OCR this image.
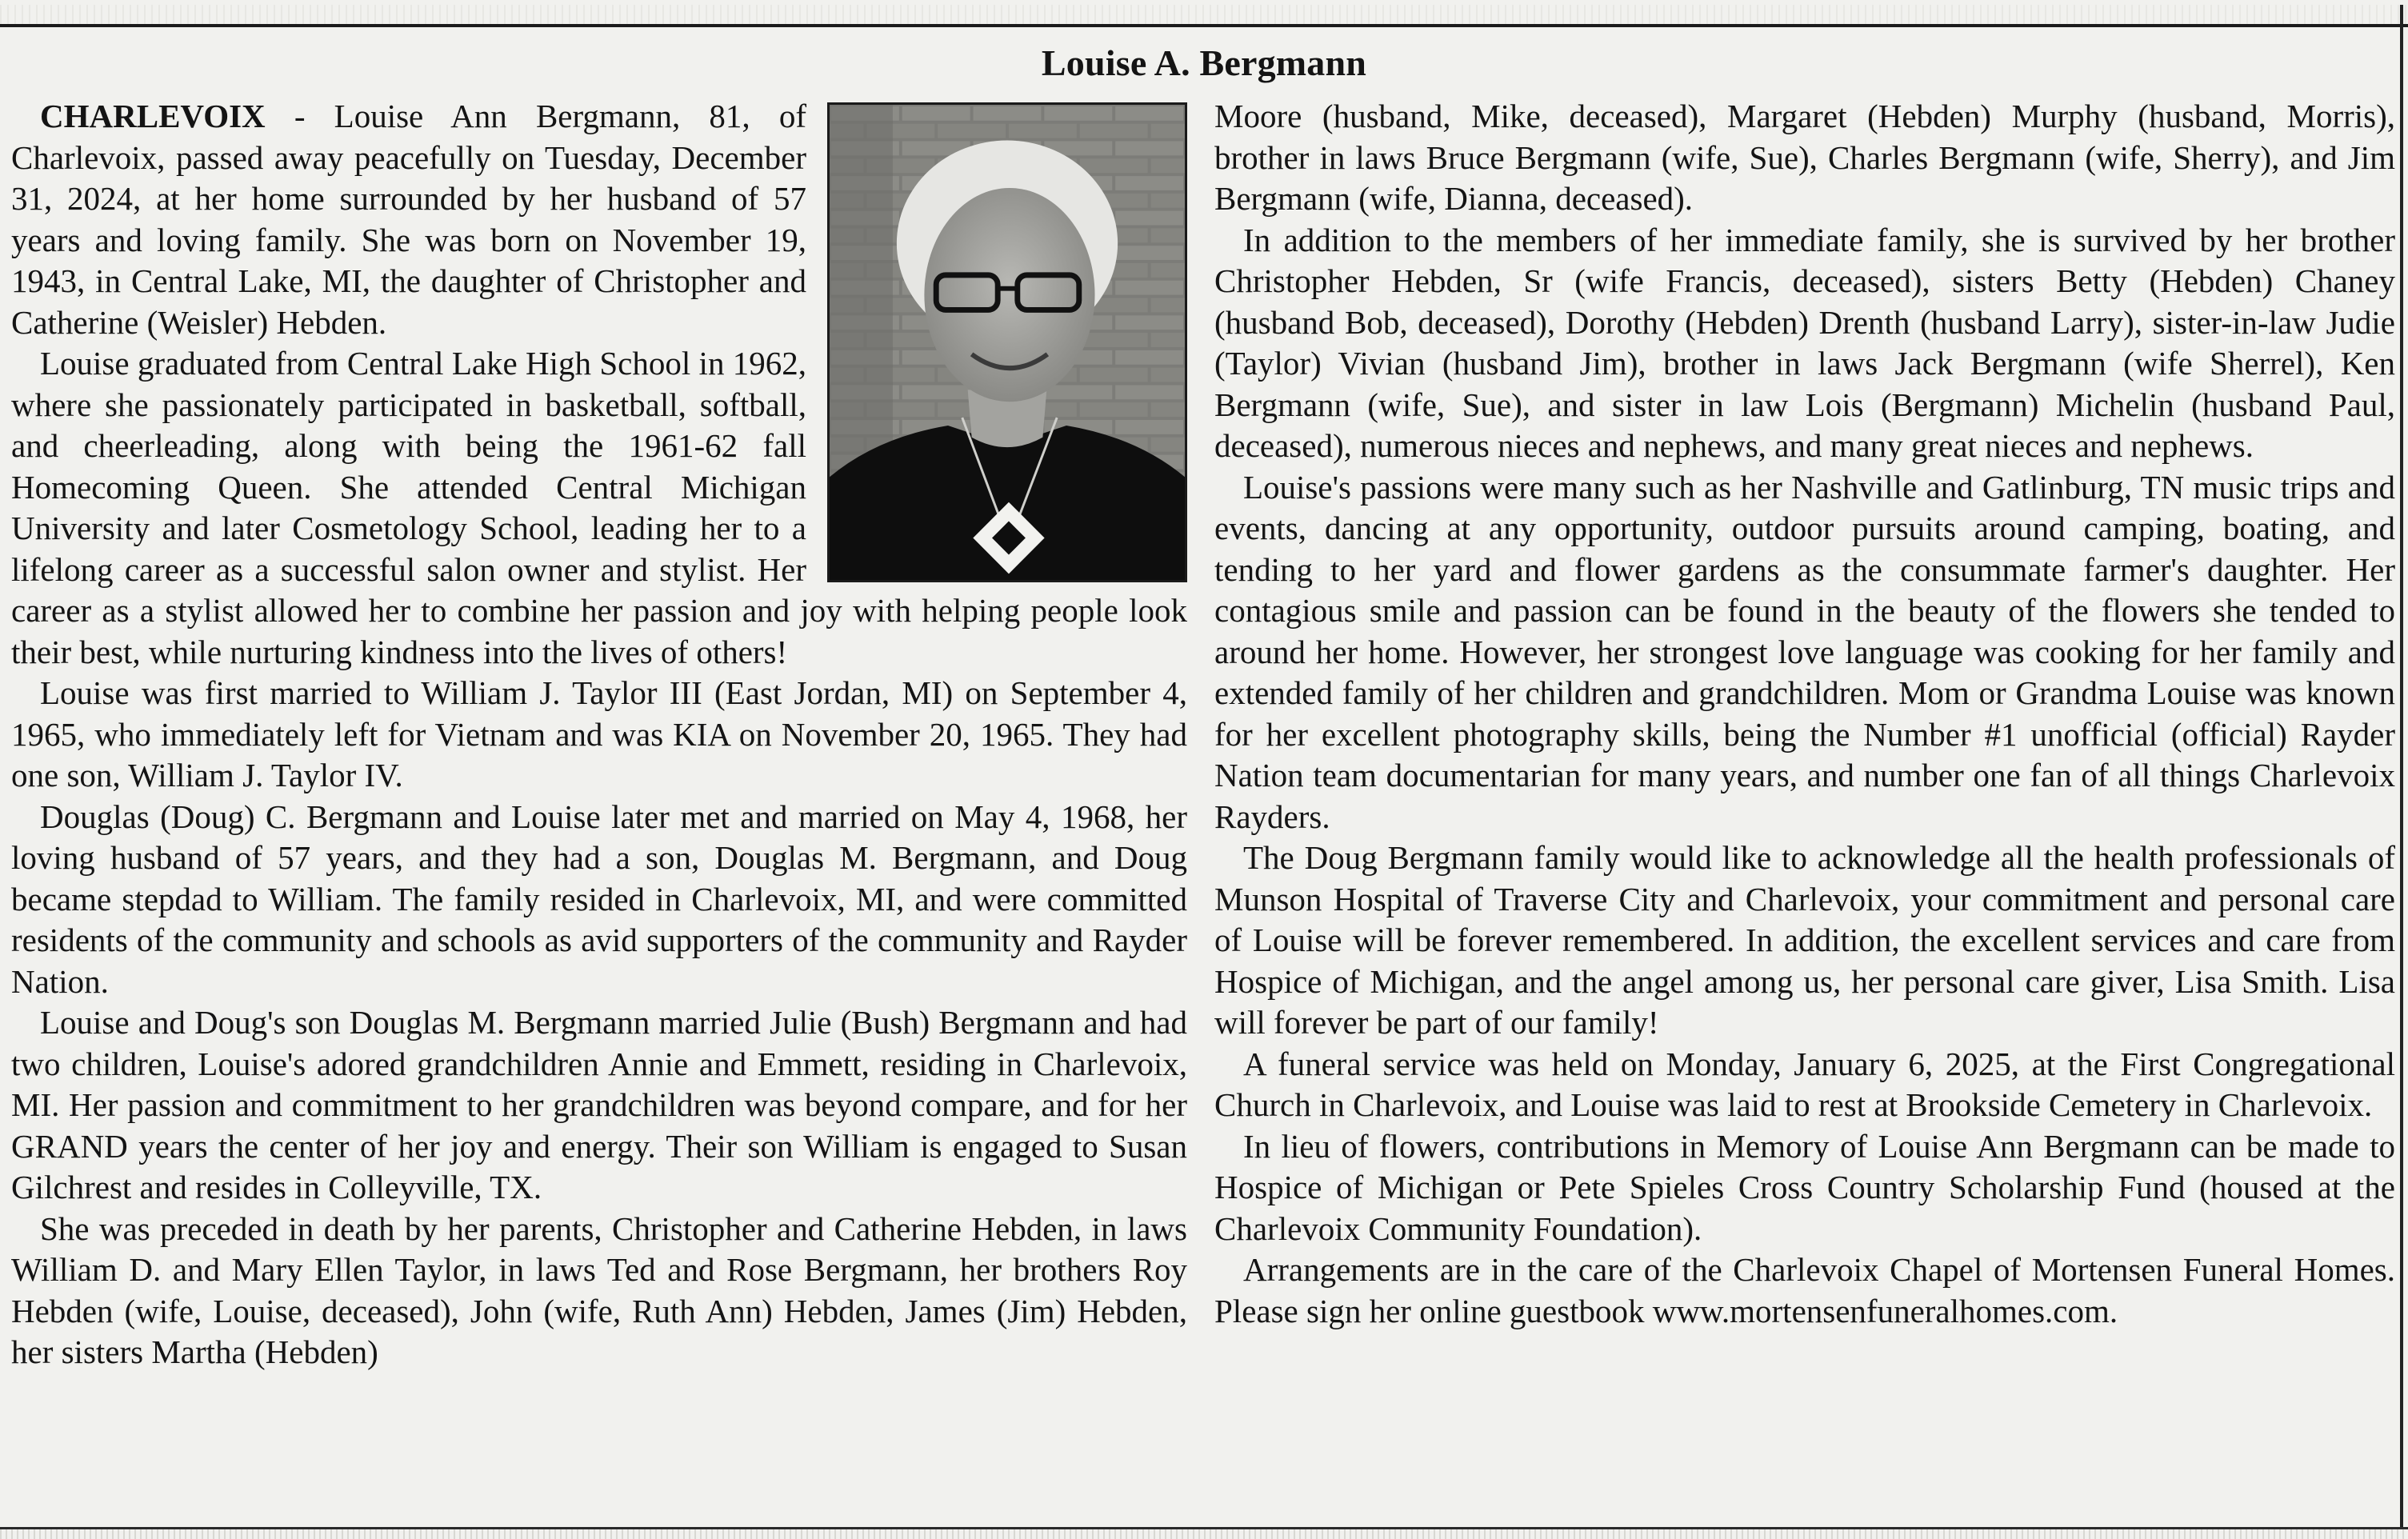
Louise A. Bergmann

CHARLEVOIX - Louise Ann Bergmann, 81, of Charlevoix, passed away peacefully on Tuesday, December 31, 2024, at her home surrounded by her husband of 57 years and loving family. She was born on November 19, 1943, in Central Lake, MI, the daughter of Christopher and Catherine (Weisler) Hebden.

Louise graduated from Central Lake High School in 1962, where she passionately participated in basketball, softball, and cheerleading, along with being the 1961-62 fall Homecoming Queen. She attended Central Michigan University and later Cosmetology School, leading her to a lifelong career as a successful salon owner and stylist. Her career as a stylist allowed her to combine her passion and joy with helping people look their best, while nurturing kindness into the lives of others!

Louise was first married to William J. Taylor III (East Jordan, MI) on September 4, 1965, who immediately left for Vietnam and was KIA on November 20, 1965. They had one son, William J. Taylor IV.

Douglas (Doug) C. Bergmann and Louise later met and married on May 4, 1968, her loving husband of 57 years, and they had a son, Douglas M. Bergmann, and Doug became stepdad to William. The family resided in Charlevoix, MI, and were committed residents of the community and schools as avid supporters of the community and Rayder Nation.

Louise and Doug's son Douglas M. Bergmann married Julie (Bush) Bergmann and had two children, Louise's adored grandchildren Annie and Emmett, residing in Charlevoix, MI. Her passion and commitment to her grandchildren was beyond compare, and for her GRAND years the center of her joy and energy. Their son William is engaged to Susan Gilchrest and resides in Colleyville, TX.

She was preceded in death by her parents, Christopher and Catherine Hebden, in laws William D. and Mary Ellen Taylor, in laws Ted and Rose Bergmann, her brothers Roy Hebden (wife, Louise, deceased), John (wife, Ruth Ann) Hebden, James (Jim) Hebden, her sisters Martha (Hebden)

Moore (husband, Mike, deceased), Margaret (Hebden) Murphy (husband, Morris), brother in laws Bruce Bergmann (wife, Sue), Charles Bergmann (wife, Sherry), and Jim Bergmann (wife, Dianna, deceased).

In addition to the members of her immediate family, she is survived by her brother Christopher Hebden, Sr (wife Francis, deceased), sisters Betty (Hebden) Chaney (husband Bob, deceased), Dorothy (Hebden) Drenth (husband Larry), sister-in-law Judie (Taylor) Vivian (husband Jim), brother in laws Jack Bergmann (wife Sherrel), Ken Bergmann (wife, Sue), and sister in law Lois (Bergmann) Michelin (husband Paul, deceased), numerous nieces and nephews, and many great nieces and nephews.

Louise's passions were many such as her Nashville and Gatlinburg, TN music trips and events, dancing at any opportunity, outdoor pursuits around camping, boating, and tending to her yard and flower gardens as the consummate farmer's daughter. Her contagious smile and passion can be found in the beauty of the flowers she tended to around her home. However, her strongest love language was cooking for her family and extended family of her children and grandchildren. Mom or Grandma Louise was known for her excellent photography skills, being the Number #1 unofficial (official) Rayder Nation team documentarian for many years, and number one fan of all things Charlevoix Rayders.

The Doug Bergmann family would like to acknowledge all the health professionals of Munson Hospital of Traverse City and Charlevoix, your commitment and personal care of Louise will be forever remembered. In addition, the excellent services and care from Hospice of Michigan, and the angel among us, her personal care giver, Lisa Smith. Lisa will forever be part of our family!

A funeral service was held on Monday, January 6, 2025, at the First Congregational Church in Charlevoix, and Louise was laid to rest at Brookside Cemetery in Charlevoix.

In lieu of flowers, contributions in Memory of Louise Ann Bergmann can be made to Hospice of Michigan or Pete Spieles Cross Country Scholarship Fund (housed at the Charlevoix Community Foundation).

Arrangements are in the care of the Charlevoix Chapel of Mortensen Funeral Homes. Please sign her online guestbook www.mortensenfuneralhomes.com.
